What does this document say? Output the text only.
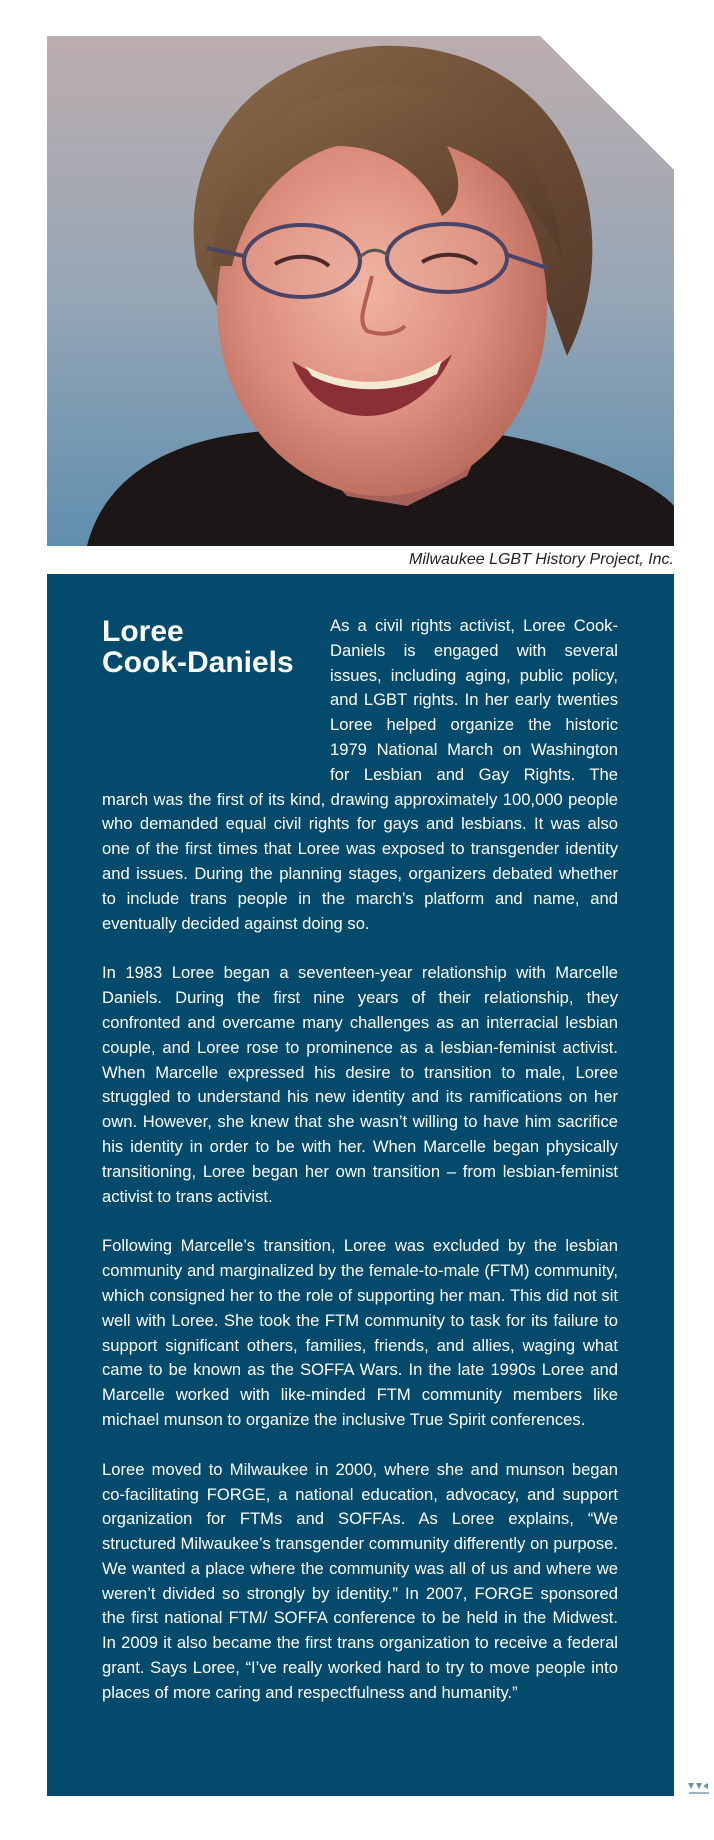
Milwaukee LGBT History Project, Inc.
Loree
Cook-Daniels

As a civil rights activist, Loree Cook-Daniels is engaged with several issues, including aging, public policy, and LGBT rights. In her early twenties Loree helped organize the historic 1979 National March on Washington for Lesbian and Gay Rights. The march was the first of its kind, drawing approximately 100,000 people who demanded equal civil rights for gays and lesbians. It was also one of the first times that Loree was exposed to transgender identity and issues. During the planning stages, organizers debated whether to include trans people in the march’s platform and name, and eventually decided against doing so.

In 1983 Loree began a seventeen-year relationship with Marcelle Daniels. During the first nine years of their relationship, they confronted and overcame many challenges as an interracial lesbian couple, and Loree rose to prominence as a lesbian-feminist activist. When Marcelle expressed his desire to transition to male, Loree struggled to understand his new identity and its ramifications on her own. However, she knew that she wasn’t willing to have him sacrifice his identity in order to be with her. When Marcelle began physically transitioning, Loree began her own transition – from lesbian-feminist activist to trans activist.

Following Marcelle’s transition, Loree was excluded by the lesbian community and marginalized by the female-to-male (FTM) community, which consigned her to the role of supporting her man. This did not sit well with Loree. She took the FTM community to task for its failure to support significant others, families, friends, and allies, waging what came to be known as the SOFFA Wars. In the late 1990s Loree and Marcelle worked with like-minded FTM community members like michael munson to organize the inclusive True Spirit conferences.

Loree moved to Milwaukee in 2000, where she and munson began co-facilitating FORGE, a national education, advocacy, and support organization for FTMs and SOFFAs. As Loree explains, “We structured Milwaukee’s transgender community differently on purpose. We wanted a place where the community was all of us and where we weren’t divided so strongly by identity.” In 2007, FORGE sponsored the first national FTM/ SOFFA conference to be held in the Midwest. In 2009 it also became the first trans organization to receive a federal grant. Says Loree, “I’ve really worked hard to try to move people into places of more caring and respectfulness and humanity.”
